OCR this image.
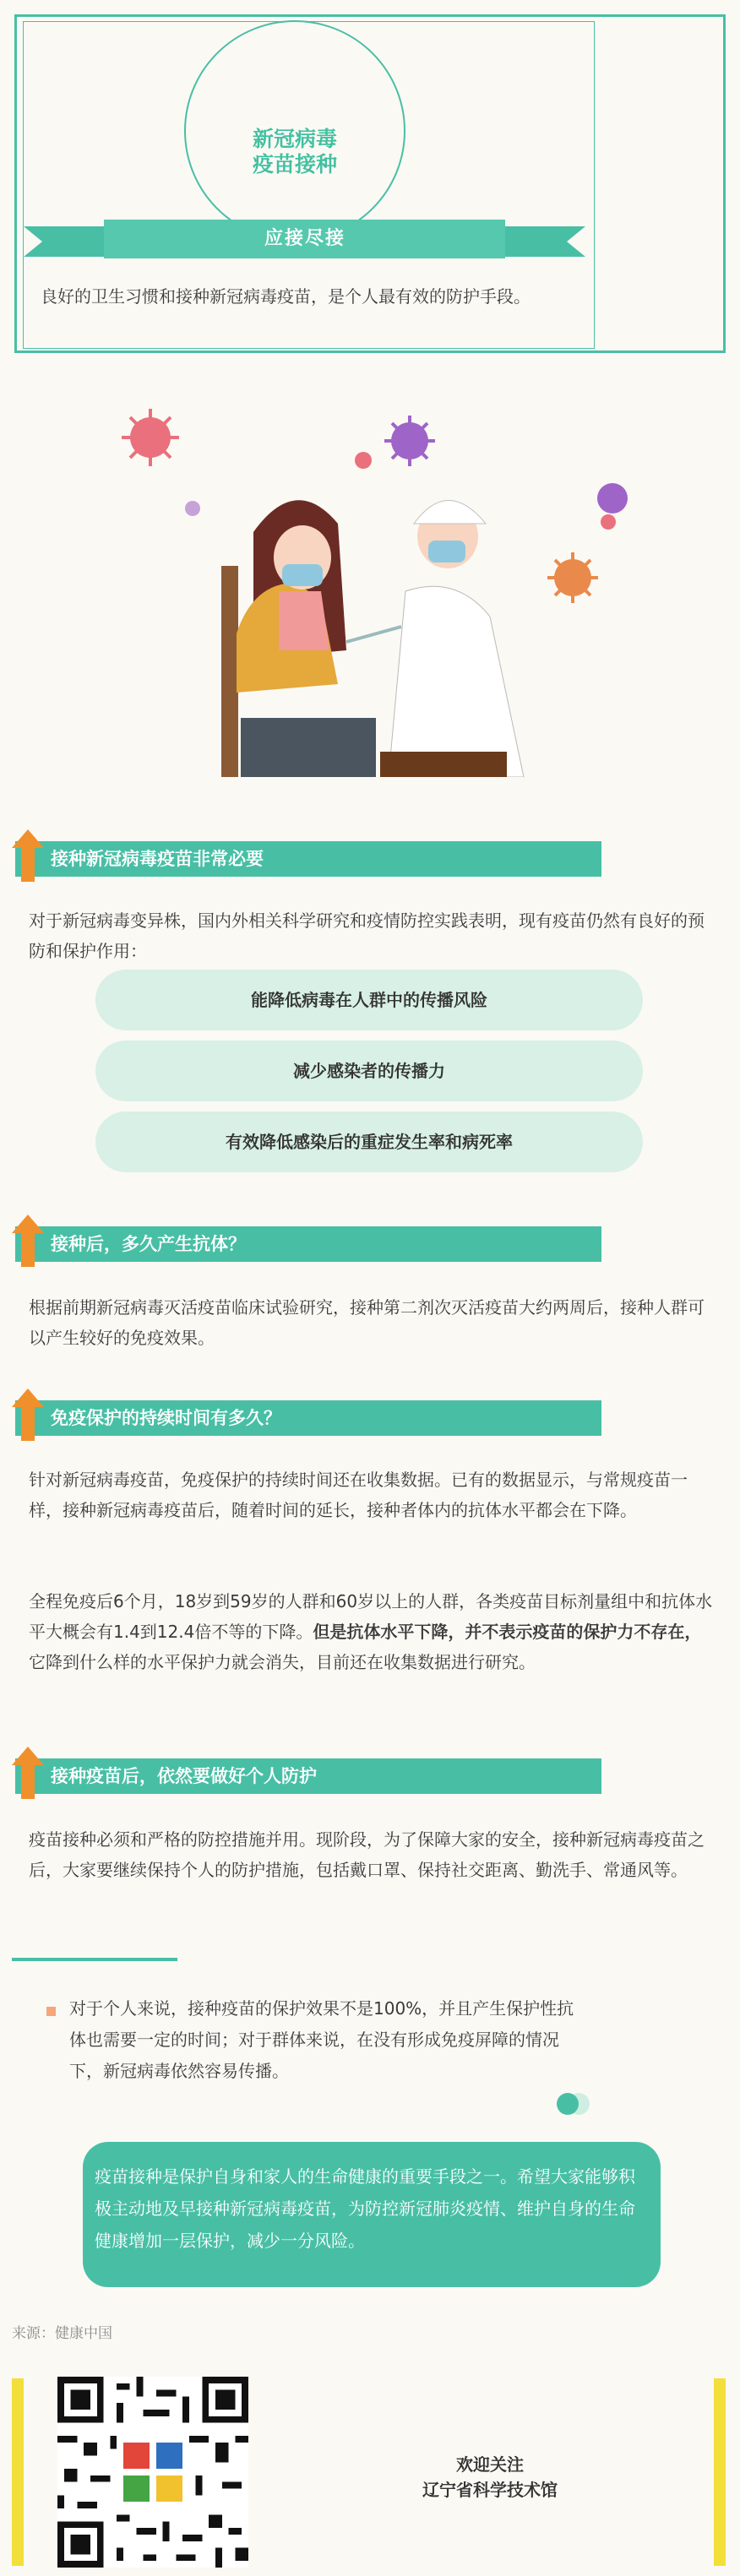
新冠病毒
疫苗接种
应接尽接
良好的卫生习惯和接种新冠病毒疫苗，是个人最有效的防护手段。
接种新冠病毒疫苗非常必要
对于新冠病毒变异株，国内外相关科学研究和疫情防控实践表明，现有疫苗仍然有良好的预防和保护作用：
能降低病毒在人群中的传播风险
减少感染者的传播力
有效降低感染后的重症发生率和病死率
接种后，多久产生抗体？
根据前期新冠病毒灭活疫苗临床试验研究，接种第二剂次灭活疫苗大约两周后，接种人群可以产生较好的免疫效果。
免疫保护的持续时间有多久？
针对新冠病毒疫苗，免疫保护的持续时间还在收集数据。已有的数据显示，与常规疫苗一样，接种新冠病毒疫苗后，随着时间的延长，接种者体内的抗体水平都会在下降。
全程免疫后6个月，18岁到59岁的人群和60岁以上的人群，各类疫苗目标剂量组中和抗体水平大概会有1.4到12.4倍不等的下降。但是抗体水平下降，并不表示疫苗的保护力不存在，它降到什么样的水平保护力就会消失，目前还在收集数据进行研究。
接种疫苗后，依然要做好个人防护
疫苗接种必须和严格的防控措施并用。现阶段，为了保障大家的安全，接种新冠病毒疫苗之后，大家要继续保持个人的防护措施，包括戴口罩、保持社交距离、勤洗手、常通风等。
对于个人来说，接种疫苗的保护效果不是100%，并且产生保护性抗体也需要一定的时间；对于群体来说，在没有形成免疫屏障的情况下，新冠病毒依然容易传播。
疫苗接种是保护自身和家人的生命健康的重要手段之一。希望大家能够积极主动地及早接种新冠病毒疫苗，为防控新冠肺炎疫情、维护自身的生命健康增加一层保护，减少一分风险。
来源：健康中国
欢迎关注
辽宁省科学技术馆
